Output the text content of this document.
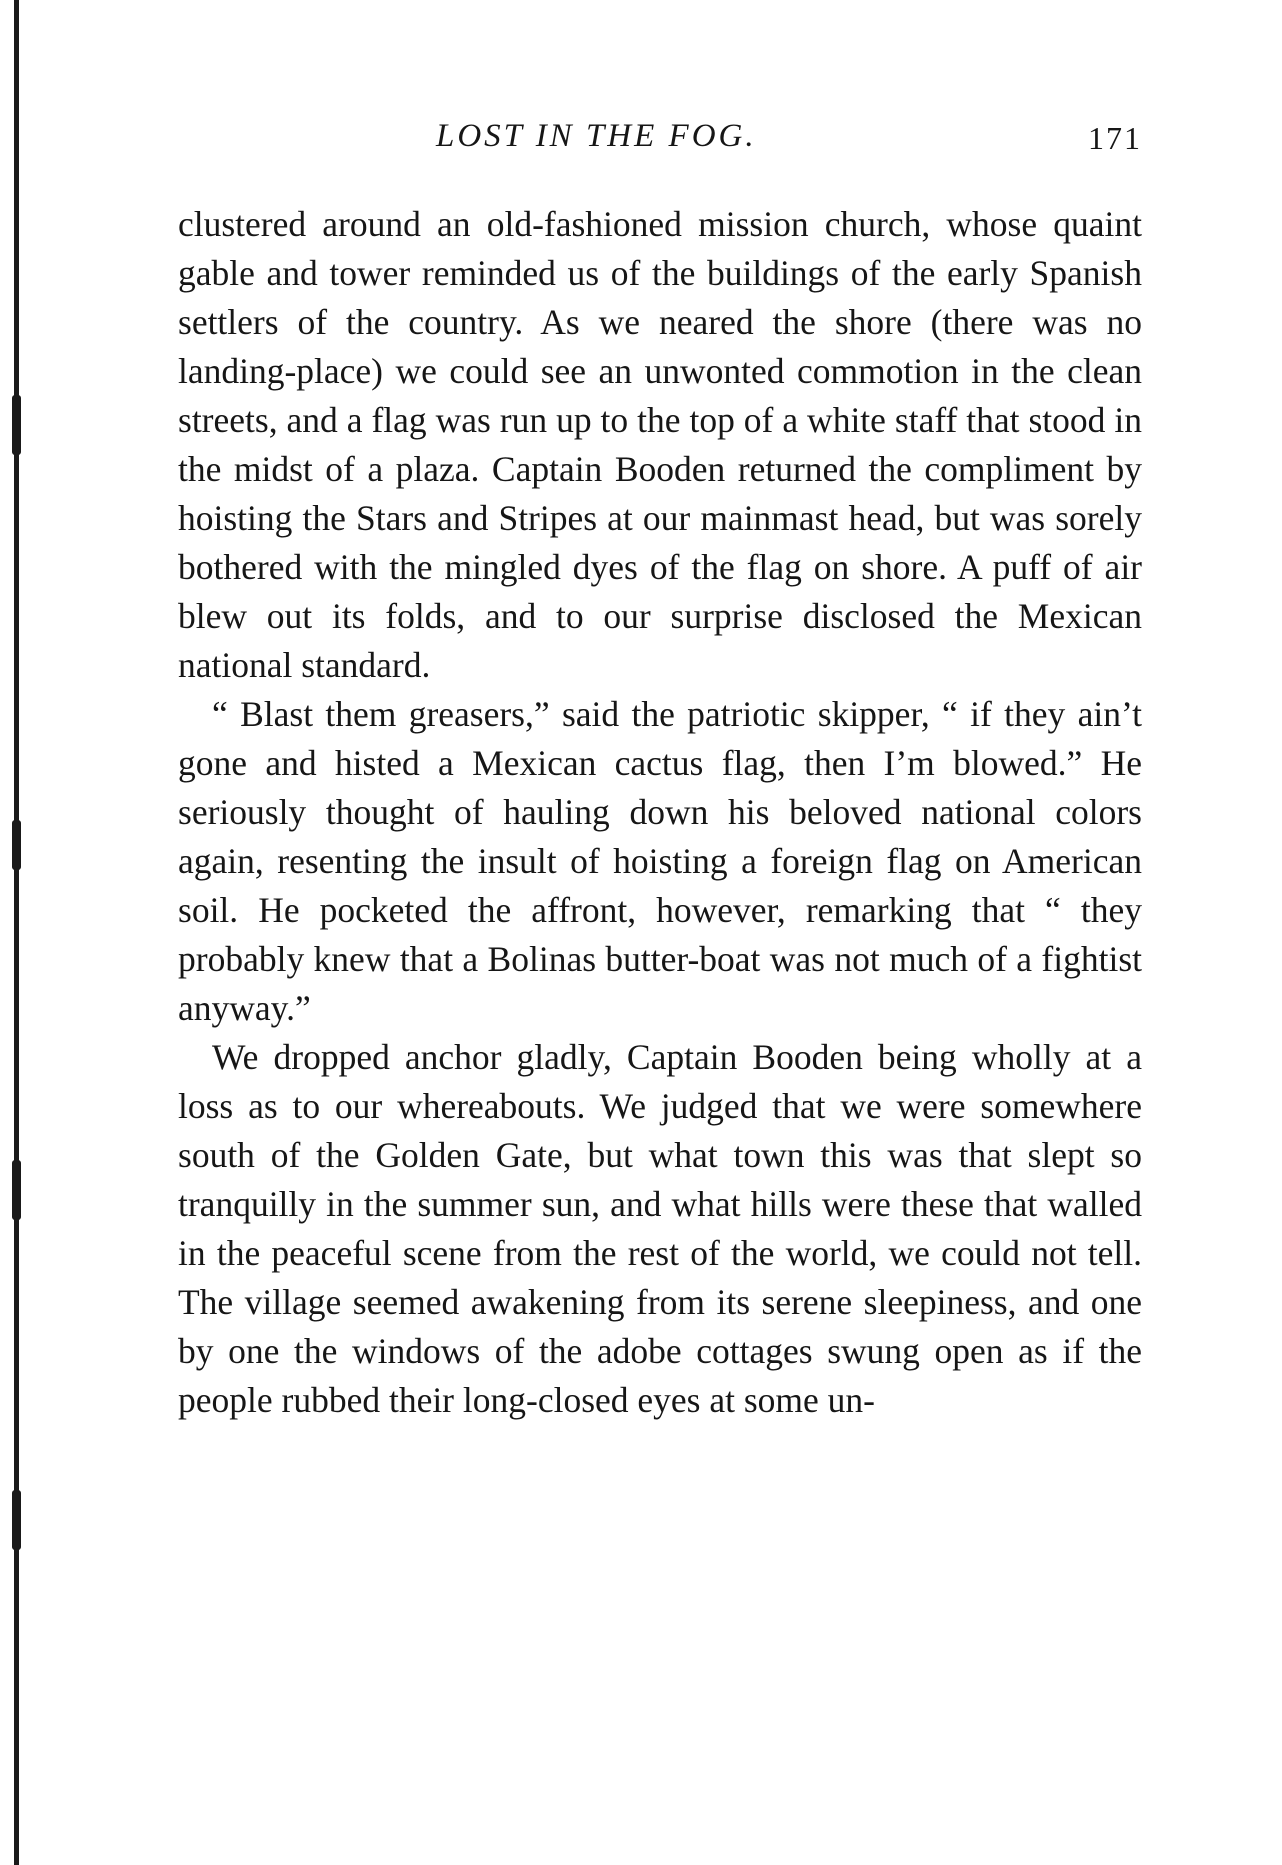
LOST IN THE FOG.	171

clustered around an old-fashioned mission church, whose quaint gable and tower reminded us of the buildings of the early Spanish settlers of the country. As we neared the shore (there was no landing-place) we could see an unwonted commotion in the clean streets, and a flag was run up to the top of a white staff that stood in the midst of a plaza. Captain Booden returned the compliment by hoisting the Stars and Stripes at our mainmast head, but was sorely bothered with the mingled dyes of the flag on shore. A puff of air blew out its folds, and to our surprise disclosed the Mexican national standard.

“ Blast them greasers,” said the patriotic skipper, “ if they ain’t gone and histed a Mexican cactus flag, then I’m blowed.” He seriously thought of hauling down his beloved national colors again, resenting the insult of hoisting a foreign flag on American soil. He pocketed the affront, however, remarking that “ they probably knew that a Bolinas butter-boat was not much of a fightist anyway.”

We dropped anchor gladly, Captain Booden being wholly at a loss as to our whereabouts. We judged that we were somewhere south of the Golden Gate, but what town this was that slept so tranquilly in the summer sun, and what hills were these that walled in the peaceful scene from the rest of the world, we could not tell. The village seemed awakening from its serene sleepiness, and one by one the windows of the adobe cottages swung open as if the people rubbed their long-closed eyes at some un-
